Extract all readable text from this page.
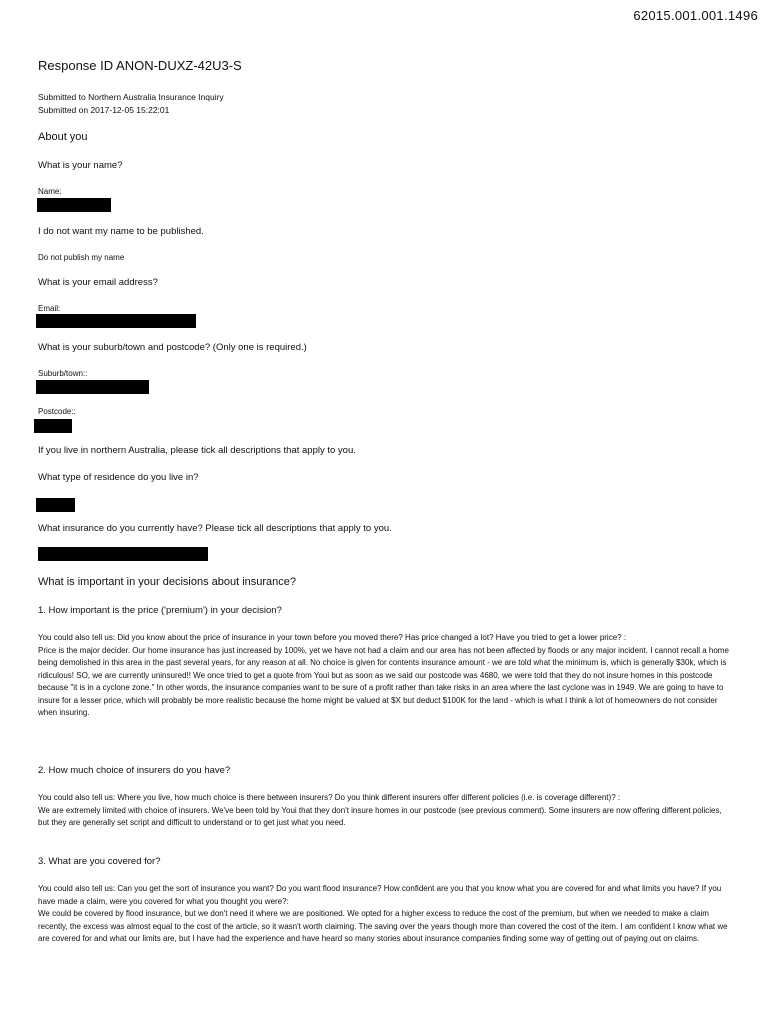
62015.001.001.1496
Response ID ANON-DUXZ-42U3-S
Submitted to Northern Australia Insurance Inquiry
Submitted on 2017-12-05 15:22:01
About you
What is your name?
Name:
I do not want my name to be published.
Do not publish my name
What is your email address?
Email:
What is your suburb/town and postcode? (Only one is required.)
Suburb/town::
Postcode::
If you live in northern Australia, please tick all descriptions that apply to you.
What type of residence do you live in?
What insurance do you currently have? Please tick all descriptions that apply to you.
What is important in your decisions about insurance?
1. How important is the price ('premium') in your decision?

You could also tell us: Did you know about the price of insurance in your town before you moved there? Has price changed a lot? Have you tried to get a lower price? :

Price is the major decider. Our home insurance has just increased by 100%, yet we have not had a claim and our area has not been affected by floods or any major incident. I cannot recall a home being demolished in this area in the past several years, for any reason at all. No choice is given for contents insurance amount - we are told what the minimum is, which is generally $30k, which is ridiculous! SO, we are currently uninsured!! We once tried to get a quote from Youi but as soon as we said our postcode was 4680, we were told that they do not insure homes in this postcode because "it is in a cyclone zone." In other words, the insurance companies want to be sure of a profit rather than take risks in an area where the last cyclone was in 1949. We are going to have to insure for a lesser price, which will probably be more realistic because the home might be valued at $X but deduct $100K for the land - which is what I think a lot of homeowners do not consider when insuring.

2. How much choice of insurers do you have?

You could also tell us: Where you live, how much choice is there between insurers? Do you think different insurers offer different policies (i.e. is coverage different)? :

We are extremely limited with choice of insurers. We've been told by Youi that they don't insure homes in our postcode (see previous comment). Some insurers are now offering different policies, but they are generally set script and difficult to understand or to get just what you need.

3. What are you covered for?

You could also tell us: Can you get the sort of insurance you want? Do you want flood insurance? How confident are you that you know what you are covered for and what limits you have? If you have made a claim, were you covered for what you thought you were?:

We could be covered by flood insurance, but we don't need it where we are positioned. We opted for a higher excess to reduce the cost of the premium, but when we needed to make a claim recently, the excess was almost equal to the cost of the article, so it wasn't worth claiming. The saving over the years though more than covered the cost of the item. I am confident I know what we are covered for and what our limits are, but I have had the experience and have heard so many stories about insurance companies finding some way of getting out of paying out on claims.
